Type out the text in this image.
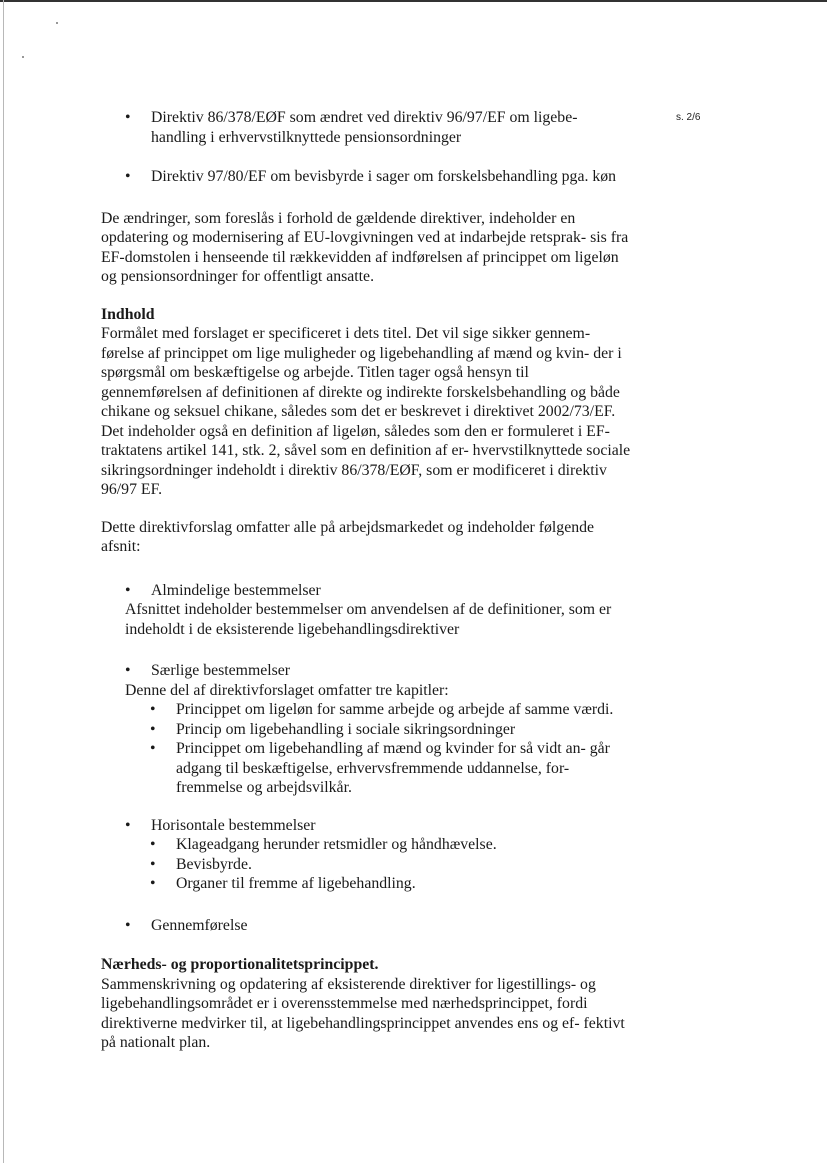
s. 2/6
• Direktiv 86/378/EØF som ændret ved direktiv 96/97/EF om ligebe- handling i erhvervstilknyttede pensionsordninger
• Direktiv 97/80/EF om bevisbyrde i sager om forskelsbehandling pga. køn

De ændringer, som foreslås i forhold de gældende direktiver, indeholder en opdatering og modernisering af EU-lovgivningen ved at indarbejde retsprak- sis fra EF-domstolen i henseende til rækkevidden af indførelsen af princippet om ligeløn og pensionsordninger for offentligt ansatte.

Indhold

Formålet med forslaget er specificeret i dets titel. Det vil sige sikker gennem- førelse af princippet om lige muligheder og ligebehandling af mænd og kvin- der i spørgsmål om beskæftigelse og arbejde. Titlen tager også hensyn til gennemførelsen af definitionen af direkte og indirekte forskelsbehandling og både chikane og seksuel chikane, således som det er beskrevet i direktivet 2002/73/EF. Det indeholder også en definition af ligeløn, således som den er formuleret i EF-traktatens artikel 141, stk. 2, såvel som en definition af er- hvervstilknyttede sociale sikringsordninger indeholdt i direktiv 86/378/EØF, som er modificeret i direktiv 96/97 EF.

Dette direktivforslag omfatter alle på arbejdsmarkedet og indeholder følgende afsnit:

• Almindelige bestemmelser

Afsnittet indeholder bestemmelser om anvendelsen af de definitioner, som er indeholdt i de eksisterende ligebehandlingsdirektiver

• Særlige bestemmelser

Denne del af direktivforslaget omfatter tre kapitler:

• Princippet om ligeløn for samme arbejde og arbejde af samme værdi.
• Princip om ligebehandling i sociale sikringsordninger
• Princippet om ligebehandling af mænd og kvinder for så vidt an- går adgang til beskæftigelse, erhvervsfremmende uddannelse, for- fremmelse og arbejdsvilkår.
• Horisontale bestemmelser
• Klageadgang herunder retsmidler og håndhævelse.
• Bevisbyrde.
• Organer til fremme af ligebehandling.
• Gennemførelse

Nærheds- og proportionalitetsprincippet.

Sammenskrivning og opdatering af eksisterende direktiver for ligestillings- og ligebehandlingsområdet er i overensstemmelse med nærhedsprincippet, fordi direktiverne medvirker til, at ligebehandlingsprincippet anvendes ens og ef- fektivt på nationalt plan.
